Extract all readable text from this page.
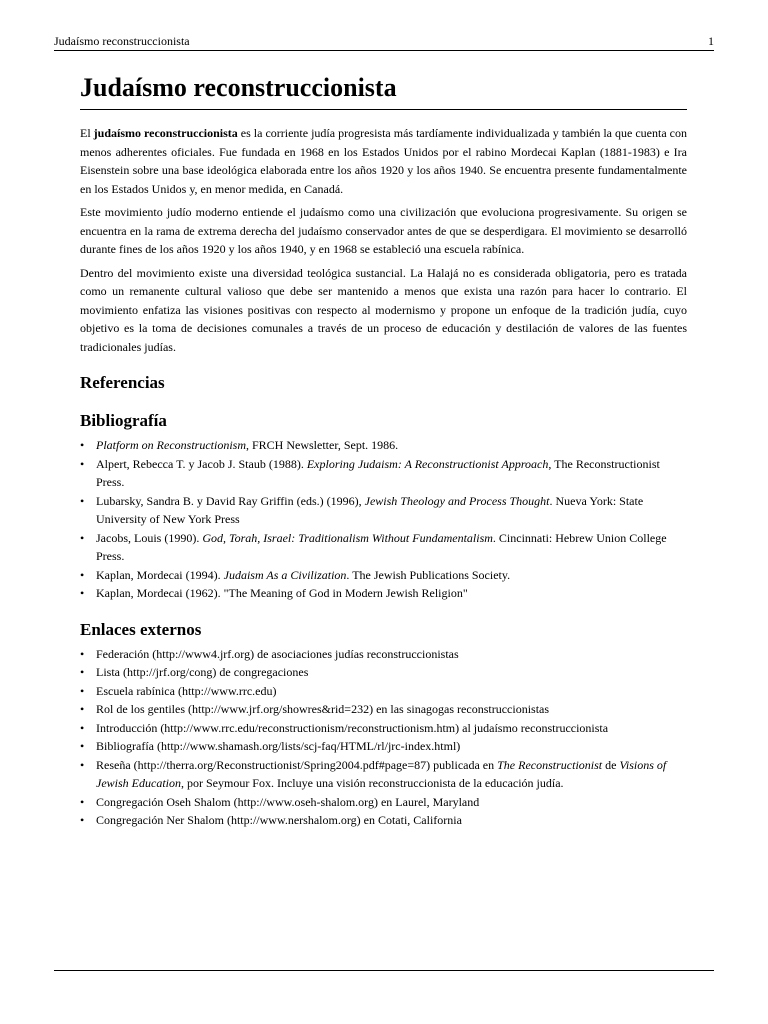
Judaísmo reconstruccionista	1
Judaísmo reconstruccionista

El judaísmo reconstruccionista es la corriente judía progresista más tardíamente individualizada y también la que cuenta con menos adherentes oficiales. Fue fundada en 1968 en los Estados Unidos por el rabino Mordecai Kaplan (1881-1983) e Ira Eisenstein sobre una base ideológica elaborada entre los años 1920 y los años 1940. Se encuentra presente fundamentalmente en los Estados Unidos y, en menor medida, en Canadá.

Este movimiento judío moderno entiende el judaísmo como una civilización que evoluciona progresivamente. Su origen se encuentra en la rama de extrema derecha del judaísmo conservador antes de que se desperdigara. El movimiento se desarrolló durante fines de los años 1920 y los años 1940, y en 1968 se estableció una escuela rabínica.

Dentro del movimiento existe una diversidad teológica sustancial. La Halajá no es considerada obligatoria, pero es tratada como un remanente cultural valioso que debe ser mantenido a menos que exista una razón para hacer lo contrario. El movimiento enfatiza las visiones positivas con respecto al modernismo y propone un enfoque de la tradición judía, cuyo objetivo es la toma de decisiones comunales a través de un proceso de educación y destilación de valores de las fuentes tradicionales judías.

Referencias
Bibliografía
• Platform on Reconstructionism, FRCH Newsletter, Sept. 1986.
• Alpert, Rebecca T. y Jacob J. Staub (1988). Exploring Judaism: A Reconstructionist Approach, The Reconstructionist Press.
• Lubarsky, Sandra B. y David Ray Griffin (eds.) (1996), Jewish Theology and Process Thought. Nueva York: State University of New York Press
• Jacobs, Louis (1990). God, Torah, Israel: Traditionalism Without Fundamentalism. Cincinnati: Hebrew Union College Press.
• Kaplan, Mordecai (1994). Judaism As a Civilization. The Jewish Publications Society.
• Kaplan, Mordecai (1962). "The Meaning of God in Modern Jewish Religion"
Enlaces externos
• Federación (http://www4.jrf.org) de asociaciones judías reconstruccionistas
• Lista (http://jrf.org/cong) de congregaciones
• Escuela rabínica (http://www.rrc.edu)
• Rol de los gentiles (http://www.jrf.org/showres&rid=232) en las sinagogas reconstruccionistas
• Introducción (http://www.rrc.edu/reconstructionism/reconstructionism.htm) al judaísmo reconstruccionista
• Bibliografía (http://www.shamash.org/lists/scj-faq/HTML/rl/jrc-index.html)
• Reseña (http://therra.org/Reconstructionist/Spring2004.pdf#page=87) publicada en The Reconstructionist de Visions of Jewish Education, por Seymour Fox. Incluye una visión reconstruccionista de la educación judía.
• Congregación Oseh Shalom (http://www.oseh-shalom.org) en Laurel, Maryland
• Congregación Ner Shalom (http://www.nershalom.org) en Cotati, California
